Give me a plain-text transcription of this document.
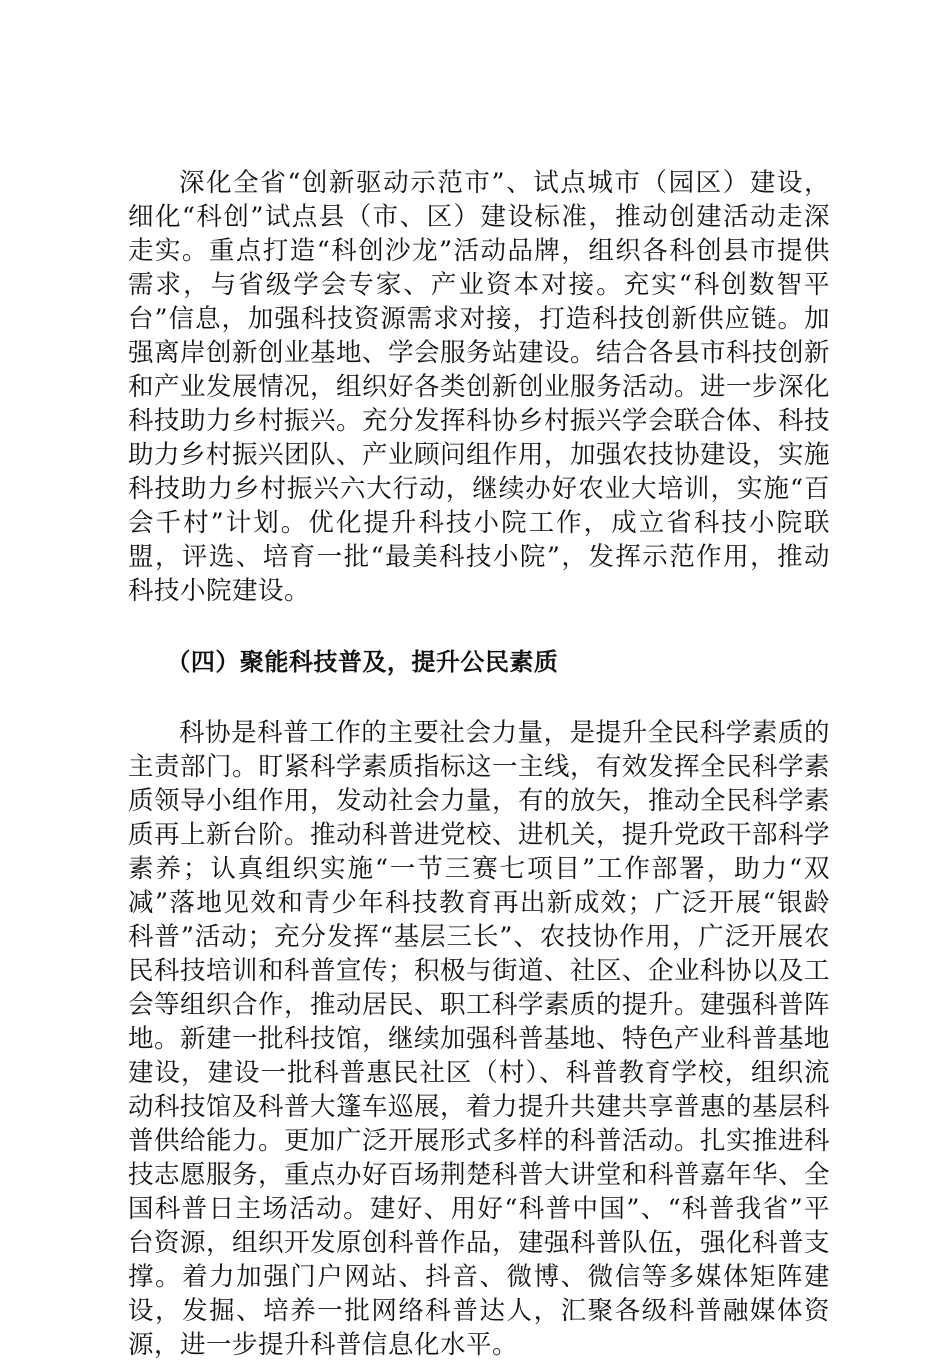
深化全省“创新驱动示范市”、试点城市（园区）建设，细化“科创”试点县（市、区）建设标准，推动创建活动走深走实。重点打造“科创沙龙”活动品牌，组织各科创县市提供需求，与省级学会专家、产业资本对接。充实“科创数智平台”信息，加强科技资源需求对接，打造科技创新供应链。加强离岸创新创业基地、学会服务站建设。结合各县市科技创新和产业发展情况，组织好各类创新创业服务活动。进一步深化科技助力乡村振兴。充分发挥科协乡村振兴学会联合体、科技助力乡村振兴团队、产业顾问组作用，加强农技协建设，实施科技助力乡村振兴六大行动，继续办好农业大培训，实施“百会千村”计划。优化提升科技小院工作，成立省科技小院联盟，评选、培育一批“最美科技小院”，发挥示范作用，推动科技小院建设。

（四）聚能科技普及，提升公民素质

科协是科普工作的主要社会力量，是提升全民科学素质的主责部门。盯紧科学素质指标这一主线，有效发挥全民科学素质领导小组作用，发动社会力量，有的放矢，推动全民科学素质再上新台阶。推动科普进党校、进机关，提升党政干部科学素养；认真组织实施“一节三赛七项目”工作部署，助力“双减”落地见效和青少年科技教育再出新成效；广泛开展“银龄科普”活动；充分发挥“基层三长”、农技协作用，广泛开展农民科技培训和科普宣传；积极与街道、社区、企业科协以及工会等组织合作，推动居民、职工科学素质的提升。建强科普阵地。新建一批科技馆，继续加强科普基地、特色产业科普基地建设，建设一批科普惠民社区（村）、科普教育学校，组织流动科技馆及科普大篷车巡展，着力提升共建共享普惠的基层科普供给能力。更加广泛开展形式多样的科普活动。扎实推进科技志愿服务，重点办好百场荆楚科普大讲堂和科普嘉年华、全国科普日主场活动。建好、用好“科普中国”、“科普我省”平台资源，组织开发原创科普作品，建强科普队伍，强化科普支撑。着力加强门户网站、抖音、微博、微信等多媒体矩阵建设，发掘、培养一批网络科普达人，汇聚各级科普融媒体资源，进一步提升科普信息化水平。
